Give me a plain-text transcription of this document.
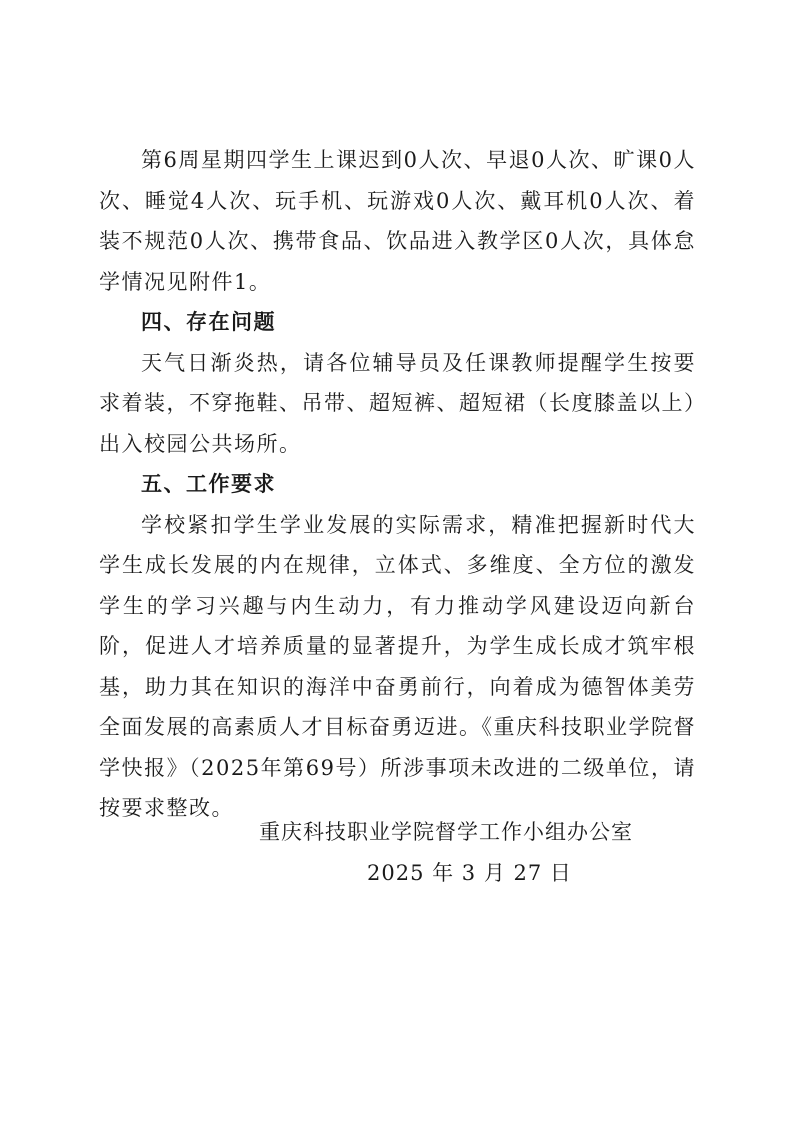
第6周星期四学生上课迟到0人次、早退0人次、旷课0人次、睡觉4人次、玩手机、玩游戏0人次、戴耳机0人次、着装不规范0人次、携带食品、饮品进入教学区0人次，具体怠学情况见附件1。

四、存在问题

天气日渐炎热，请各位辅导员及任课教师提醒学生按要求着装，不穿拖鞋、吊带、超短裤、超短裙（长度膝盖以上）出入校园公共场所。

五、工作要求

学校紧扣学生学业发展的实际需求，精准把握新时代大学生成长发展的内在规律，立体式、多维度、全方位的激发学生的学习兴趣与内生动力，有力推动学风建设迈向新台阶，促进人才培养质量的显著提升，为学生成长成才筑牢根基，助力其在知识的海洋中奋勇前行，向着成为德智体美劳全面发展的高素质人才目标奋勇迈进。《重庆科技职业学院督学快报》（2025年第69号）所涉事项未改进的二级单位，请按要求整改。

重庆科技职业学院督学工作小组办公室
2025 年 3 月 27 日
